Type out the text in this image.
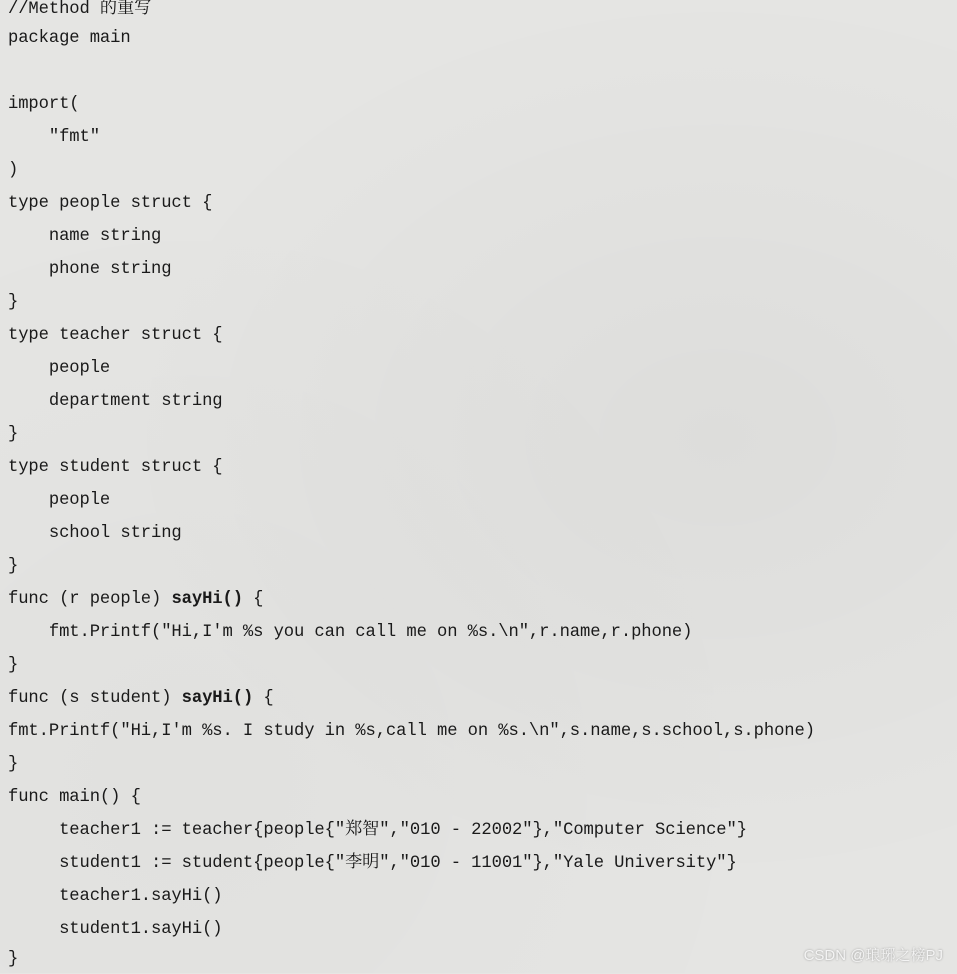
//Method 的重写
package main
import(
"fmt"
)
type people struct {
name string
phone string
}
type teacher struct {
people
department string
}
type student struct {
people
school string
}
func (r people) sayHi() {
fmt.Printf("Hi,I'm %s you can call me on %s.\n",r.name,r.phone)
}
func (s student) sayHi() {
fmt.Printf("Hi,I'm %s. I study in %s,call me on %s.\n",s.name,s.school,s.phone)
}
func main() {
teacher1 := teacher{people{"郑智","010 - 22002"},"Computer Science"}
student1 := student{people{"李明","010 - 11001"},"Yale University"}
teacher1.sayHi()
student1.sayHi()
}	CSDN @琅琊之榜PJ
